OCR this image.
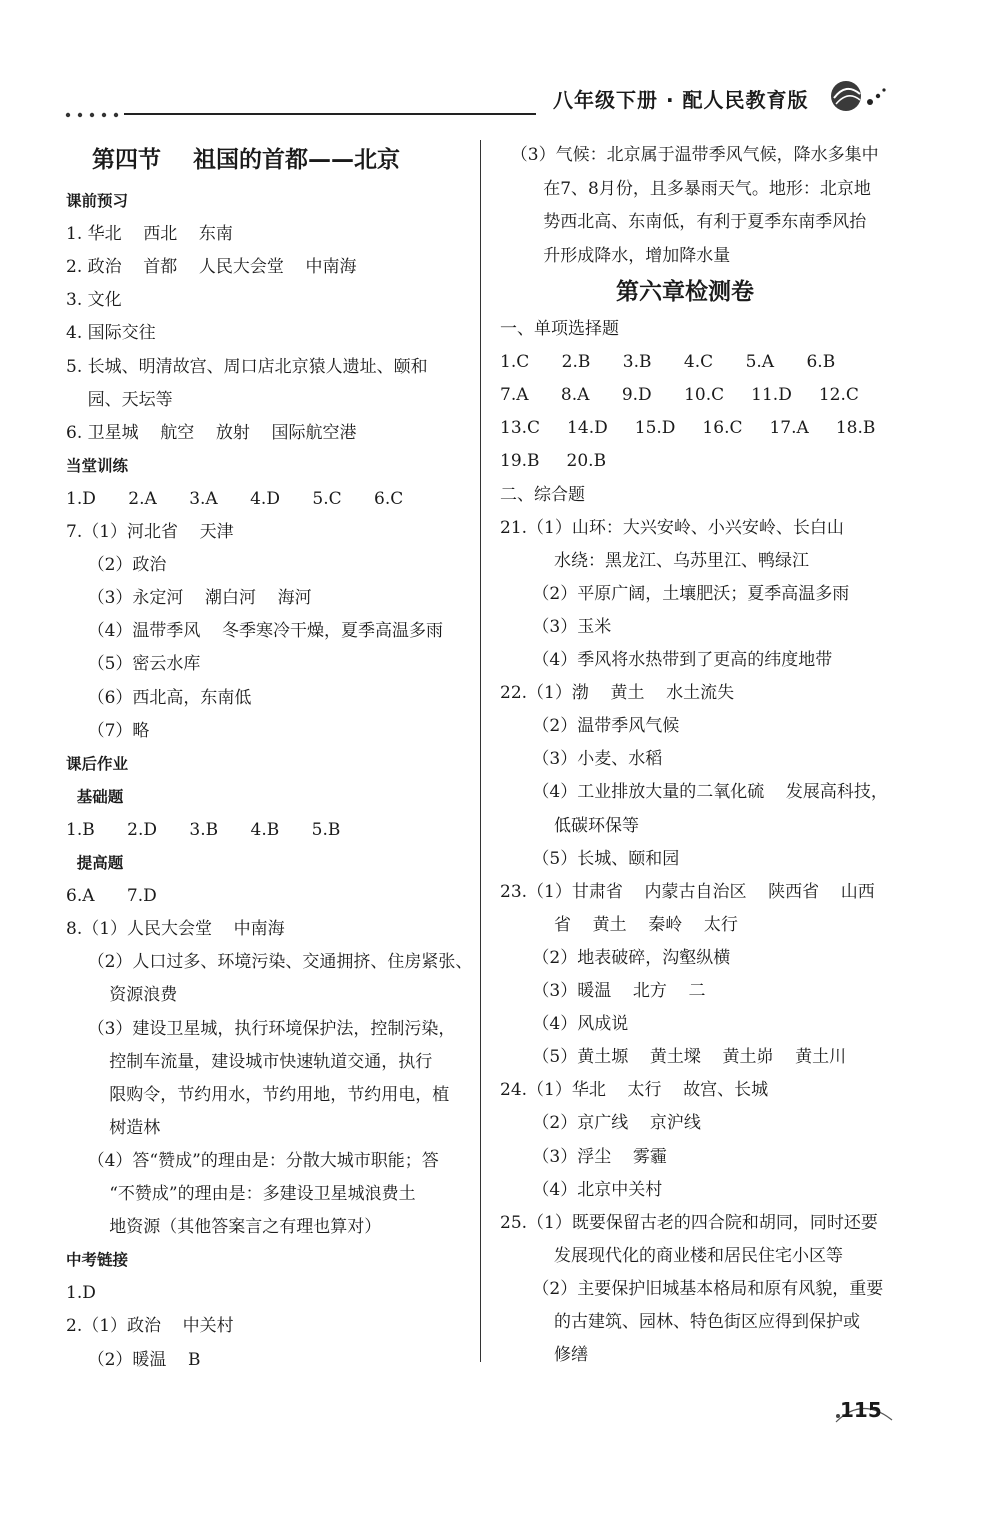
八年级下册 · 配人民教育版
第四节    祖国的首都——北京
课前预习
1. 华北    西北    东南
2. 政治    首都    人民大会堂    中南海
3. 文化
4. 国际交往
5. 长城、明清故宫、周口店北京猿人遗址、颐和
园、天坛等
6. 卫星城    航空    放射    国际航空港
当堂训练
1.D      2.A      3.A      4.D      5.C      6.C
7.（1）河北省    天津
（2）政治
（3）永定河    潮白河    海河
（4）温带季风    冬季寒冷干燥，夏季高温多雨
（5）密云水库
（6）西北高，东南低
（7）略
课后作业
基础题
1.B      2.D      3.B      4.B      5.B
提高题
6.A      7.D
8.（1）人民大会堂    中南海
（2）人口过多、环境污染、交通拥挤、住房紧张、
资源浪费
（3）建设卫星城，执行环境保护法，控制污染，
控制车流量，建设城市快速轨道交通，执行
限购令，节约用水，节约用地，节约用电，植
树造林
（4）答“赞成”的理由是：分散大城市职能；答
“不赞成”的理由是：多建设卫星城浪费土
地资源（其他答案言之有理也算对）
中考链接
1.D
2.（1）政治    中关村
（2）暖温    B
（3）气候：北京属于温带季风气候，降水多集中
在7、8月份，且多暴雨天气。地形：北京地
势西北高、东南低，有利于夏季东南季风抬
升形成降水，增加降水量
第六章检测卷
一、单项选择题
1.C      2.B      3.B      4.C      5.A      6.B
7.A      8.A      9.D      10.C     11.D     12.C
13.C     14.D     15.D     16.C     17.A     18.B
19.B     20.B
二、综合题
21.（1）山环：大兴安岭、小兴安岭、长白山
水绕：黑龙江、乌苏里江、鸭绿江
（2）平原广阔，土壤肥沃；夏季高温多雨
（3）玉米
（4）季风将水热带到了更高的纬度地带
22.（1）渤    黄土    水土流失
（2）温带季风气候
（3）小麦、水稻
（4）工业排放大量的二氧化硫    发展高科技，
低碳环保等
（5）长城、颐和园
23.（1）甘肃省    内蒙古自治区    陕西省    山西
省    黄土    秦岭    太行
（2）地表破碎，沟壑纵横
（3）暖温    北方    二
（4）风成说
（5）黄土塬    黄土墚    黄土峁    黄土川
24.（1）华北    太行    故宫、长城
（2）京广线    京沪线
（3）浮尘    雾霾
（4）北京中关村
25.（1）既要保留古老的四合院和胡同，同时还要
发展现代化的商业楼和居民住宅小区等
（2）主要保护旧城基本格局和原有风貌，重要
的古建筑、园林、特色街区应得到保护或
修缮
115
